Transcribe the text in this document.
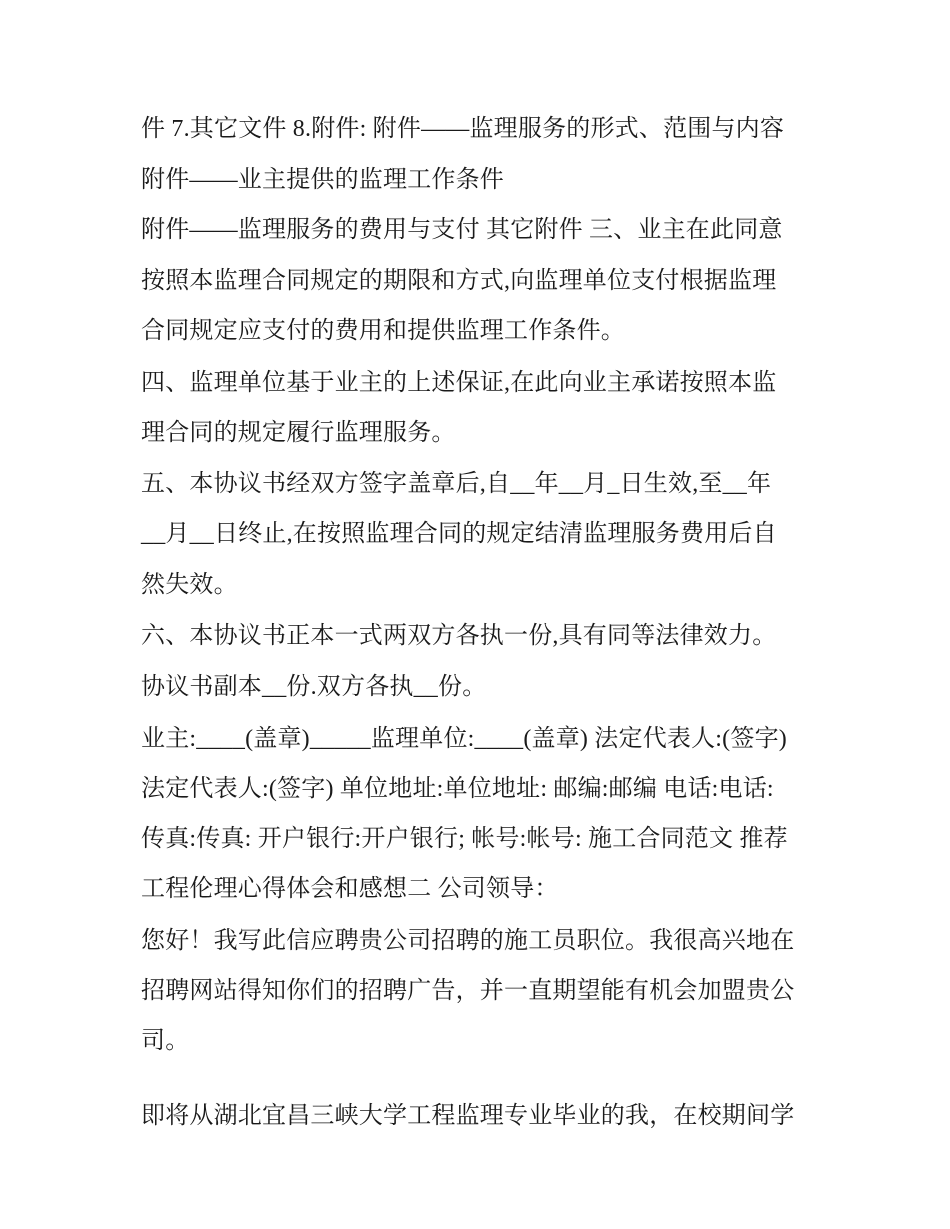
件 7.其它文件 8.附件: 附件——监理服务的形式、范围与内容
附件——业主提供的监理工作条件
附件——监理服务的费用与支付 其它附件 三、业主在此同意
按照本监理合同规定的期限和方式,向监理单位支付根据监理
合同规定应支付的费用和提供监理工作条件。
四、监理单位基于业主的上述保证,在此向业主承诺按照本监
理合同的规定履行监理服务。
五、本协议书经双方签字盖章后,自__年__月_日生效,至__年
__月__日终止,在按照监理合同的规定结清监理服务费用后自
然失效。
六、本协议书正本一式两双方各执一份,具有同等法律效力。
协议书副本__份.双方各执__份。
业主:____(盖章)_____监理单位:____(盖章) 法定代表人:(签字)
法定代表人:(签字) 单位地址:单位地址: 邮编:邮编 电话:电话:
传真:传真: 开户银行:开户银行; 帐号:帐号: 施工合同范文 推荐
工程伦理心得体会和感想二 公司领导：
您好！我写此信应聘贵公司招聘的施工员职位。我很高兴地在
招聘网站得知你们的招聘广告，并一直期望能有机会加盟贵公
司。
即将从湖北宜昌三峡大学工程监理专业毕业的我，在校期间学
